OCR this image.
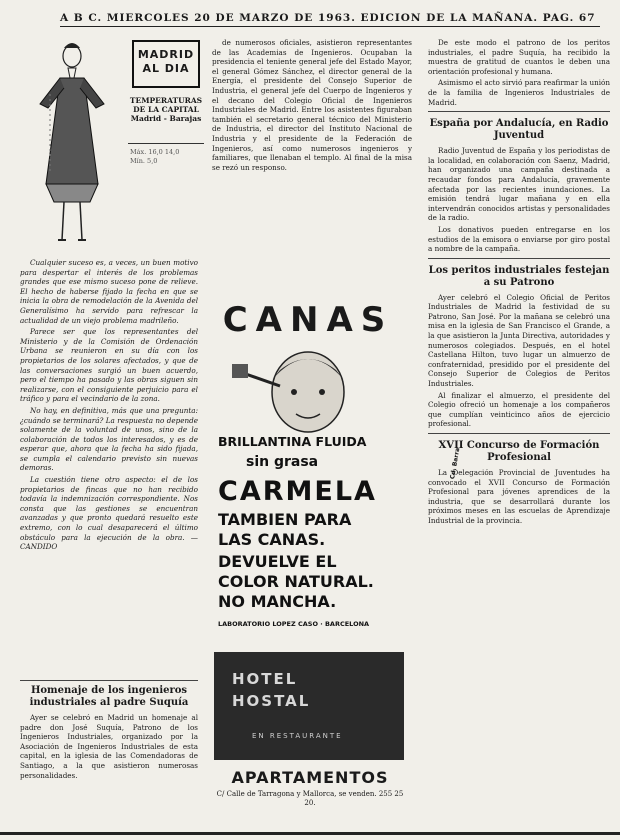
A B C. MIERCOLES 20 DE MARZO DE 1963. EDICION DE LA MAÑANA. PAG. 67
MADRID
AL DIA
TEMPERATURAS DE LA CAPITAL
Madrid - Barajas
Máx. 16,0 14,0
Mín. 5,0

Cualquier suceso es, a veces, un buen motivo para despertar el interés de los problemas grandes que ese mismo suceso pone de relieve. El hecho de haberse fijado la fecha en que se inicia la obra de remodelación de la Avenida del Generalísimo ha servido para refrescar la actualidad de un viejo problema madrileño.

Parece ser que los representantes del Ministerio y de la Comisión de Ordenación Urbana se reunieron en su día con los propietarios de los solares afectados, y que de las conversaciones surgió un buen acuerdo, pero el tiempo ha pasado y las obras siguen sin realizarse, con el consiguiente perjuicio para el tráfico y para el vecindario de la zona.

No hay, en definitiva, más que una pregunta: ¿cuándo se terminará? La respuesta no depende solamente de la voluntad de unos, sino de la colaboración de todos los interesados, y es de esperar que, ahora que la fecha ha sido fijada, se cumpla el calendario previsto sin nuevas demoras.

La cuestión tiene otro aspecto: el de los propietarios de fincas que no han recibido todavía la indemnización correspondiente. Nos consta que las gestiones se encuentran avanzadas y que pronto quedará resuelto este extremo, con lo cual desaparecerá el último obstáculo para la ejecución de la obra. — CANDIDO

Homenaje de los ingenieros industriales al padre Suquía

Ayer se celebró en Madrid un homenaje al padre don José Suquía, Patrono de los Ingenieros Industriales, organizado por la Asociación de Ingenieros Industriales de esta capital, en la iglesia de las Comendadoras de Santiago, a la que asistieron numerosas personalidades.

de numerosos oficiales, asistieron representantes de las Academias de Ingenieros. Ocupaban la presidencia el teniente general jefe del Estado Mayor, el general Gómez Sánchez, el director general de la Energía, el presidente del Consejo Superior de Industria, el general jefe del Cuerpo de Ingenieros y el decano del Colegio Oficial de Ingenieros Industriales de Madrid. Entre los asistentes figuraban también el secretario general técnico del Ministerio de Industria, el director del Instituto Nacional de Industria y el presidente de la Federación de Ingenieros, así como numerosos ingenieros y familiares, que llenaban el templo. Al final de la misa se rezó un responso.

CANAS
Cd. Barra
BRILLANTINA FLUIDA
sin grasa
CARMELA
TAMBIEN PARA
LAS CANAS.
DEVUELVE EL
COLOR NATURAL.
NO MANCHA.
LABORATORIO LOPEZ CASO · BARCELONA
HOTEL
HOSTAL
EN RESTAURANTE
APARTAMENTOS
C/ Calle de Tarragona y Mallorca, se venden. 255 25 20.

De este modo el patrono de los peritos industriales, el padre Suquía, ha recibido la muestra de gratitud de cuantos le deben una orientación profesional y humana.

Asimismo el acto sirvió para reafirmar la unión de la familia de Ingenieros Industriales de Madrid.

España por Andalucía, en Radio Juventud

Radio Juventud de España y los periodistas de la localidad, en colaboración con Saenz, Madrid, han organizado una campaña destinada a recaudar fondos para Andalucía, gravemente afectada por las recientes inundaciones. La emisión tendrá lugar mañana y en ella intervendrán conocidos artistas y personalidades de la radio.

Los donativos pueden entregarse en los estudios de la emisora o enviarse por giro postal a nombre de la campaña.

Los peritos industriales festejan a su Patrono

Ayer celebró el Colegio Oficial de Peritos Industriales de Madrid la festividad de su Patrono, San José. Por la mañana se celebró una misa en la iglesia de San Francisco el Grande, a la que asistieron la Junta Directiva, autoridades y numerosos colegiados. Después, en el hotel Castellana Hilton, tuvo lugar un almuerzo de confraternidad, presidido por el presidente del Consejo Superior de Colegios de Peritos Industriales.

Al finalizar el almuerzo, el presidente del Colegio ofreció un homenaje a los compañeros que cumplían veinticinco años de ejercicio profesional.

XVII Concurso de Formación Profesional

La Delegación Provincial de Juventudes ha convocado el XVII Concurso de Formación Profesional para jóvenes aprendices de la industria, que se desarrollará durante los próximos meses en las escuelas de Aprendizaje Industrial de la provincia.
